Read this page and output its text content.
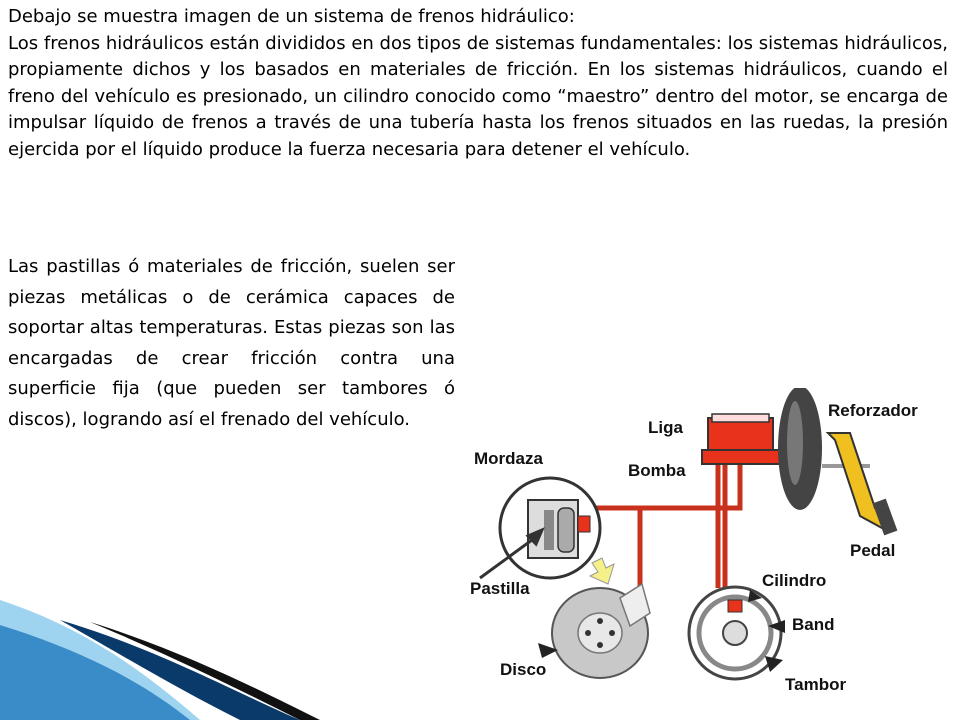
Debajo se muestra imagen de un sistema de frenos hidráulico:
Los frenos hidráulicos están divididos en dos tipos de sistemas fundamentales: los sistemas hidráulicos, propiamente dichos y los basados en materiales de fricción. En los sistemas hidráulicos, cuando el freno del vehículo es presionado, un cilindro conocido como “maestro” dentro del motor, se encarga de impulsar líquido de frenos a través de una tubería hasta los frenos situados en las ruedas, la presión ejercida por el líquido produce la fuerza necesaria para detener el vehículo.

Las pastillas ó materiales de fricción, suelen ser piezas metálicas o de cerámica capaces de soportar altas temperaturas. Estas piezas son las encargadas de crear fricción contra una superficie fija (que pueden ser tambores ó discos), logrando así el frenado del vehículo.	Liga
Reforzador
Mordaza
Bomba
Pedal
Pastilla	Cilindro
Band
Disco
Tambor
